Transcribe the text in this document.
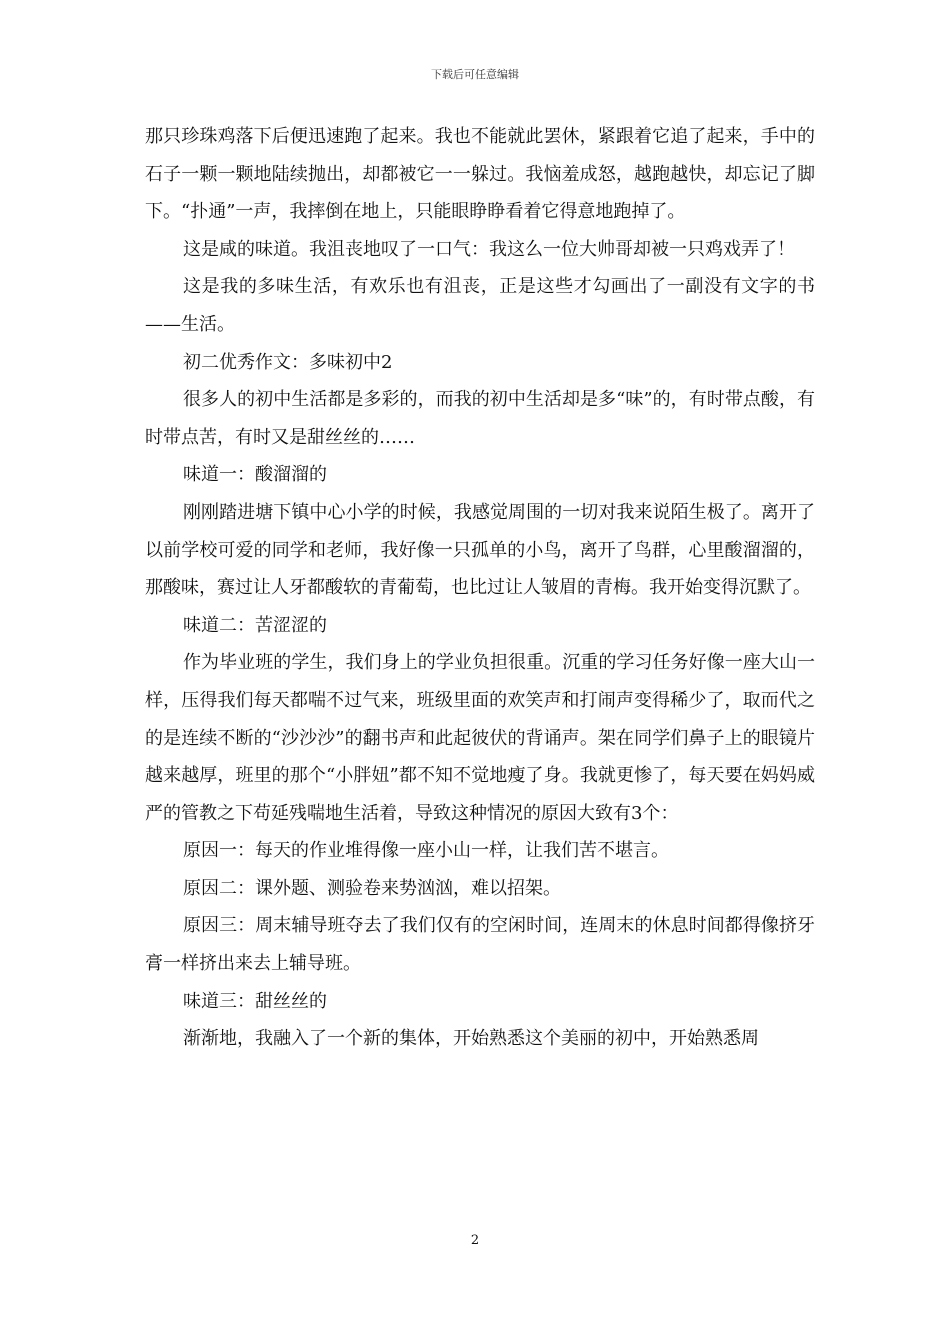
下载后可任意编辑

那只珍珠鸡落下后便迅速跑了起来。我也不能就此罢休，紧跟着它追了起来，手中的石子一颗一颗地陆续抛出，却都被它一一躲过。我恼羞成怒，越跑越快，却忘记了脚下。“扑通”一声，我摔倒在地上，只能眼睁睁看着它得意地跑掉了。

这是咸的味道。我沮丧地叹了一口气：我这么一位大帅哥却被一只鸡戏弄了！

这是我的多味生活，有欢乐也有沮丧，正是这些才勾画出了一副没有文字的书——生活。

初二优秀作文：多味初中2

很多人的初中生活都是多彩的，而我的初中生活却是多“味”的，有时带点酸，有时带点苦，有时又是甜丝丝的……

味道一：酸溜溜的

刚刚踏进塘下镇中心小学的时候，我感觉周围的一切对我来说陌生极了。离开了以前学校可爱的同学和老师，我好像一只孤单的小鸟，离开了鸟群，心里酸溜溜的，那酸味，赛过让人牙都酸软的青葡萄，也比过让人皱眉的青梅。我开始变得沉默了。

味道二：苦涩涩的

作为毕业班的学生，我们身上的学业负担很重。沉重的学习任务好像一座大山一样，压得我们每天都喘不过气来，班级里面的欢笑声和打闹声变得稀少了，取而代之的是连续不断的“沙沙沙”的翻书声和此起彼伏的背诵声。架在同学们鼻子上的眼镜片越来越厚，班里的那个“小胖妞”都不知不觉地瘦了身。我就更惨了，每天要在妈妈威严的管教之下苟延残喘地生活着，导致这种情况的原因大致有3个：

原因一：每天的作业堆得像一座小山一样，让我们苦不堪言。

原因二：课外题、测验卷来势汹汹，难以招架。

原因三：周末辅导班夺去了我们仅有的空闲时间，连周末的休息时间都得像挤牙膏一样挤出来去上辅导班。

味道三：甜丝丝的

渐渐地，我融入了一个新的集体，开始熟悉这个美丽的初中，开始熟悉周

2
